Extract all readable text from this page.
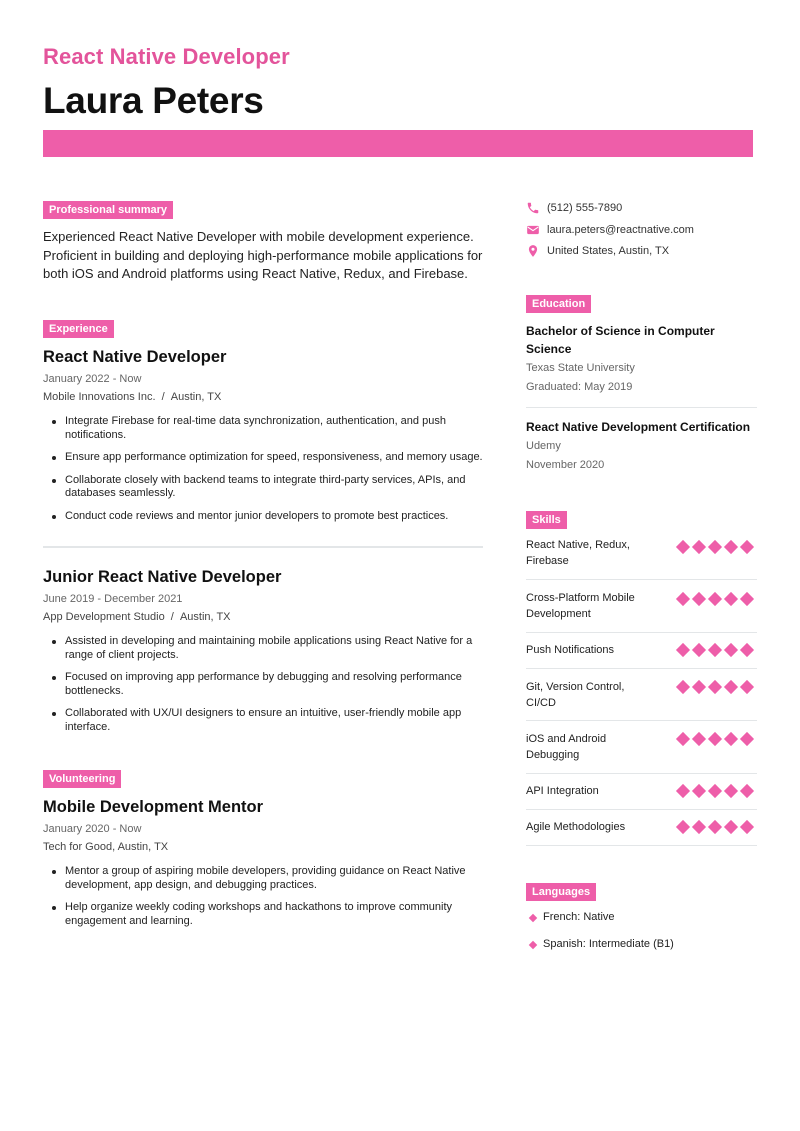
React Native Developer
Laura Peters
Professional summary
Experienced React Native Developer with mobile development experience.
Proficient in building and deploying high-performance mobile applications for
both iOS and Android platforms using React Native, Redux, and Firebase.
Experience
React Native Developer
January 2022 - Now
Mobile Innovations Inc.  /  Austin, TX
Integrate Firebase for real-time data synchronization, authentication, and push
notifications.
Ensure app performance optimization for speed, responsiveness, and memory usage.
Collaborate closely with backend teams to integrate third-party services, APIs, and
databases seamlessly.
Conduct code reviews and mentor junior developers to promote best practices.
Junior React Native Developer
June 2019 - December 2021
App Development Studio  /  Austin, TX
Assisted in developing and maintaining mobile applications using React Native for a
range of client projects.
Focused on improving app performance by debugging and resolving performance
bottlenecks.
Collaborated with UX/UI designers to ensure an intuitive, user-friendly mobile app
interface.
Volunteering
Mobile Development Mentor
January 2020 - Now
Tech for Good, Austin, TX
Mentor a group of aspiring mobile developers, providing guidance on React Native
development, app design, and debugging practices.
Help organize weekly coding workshops and hackathons to improve community
engagement and learning.
(512) 555-7890
laura.peters@reactnative.com
United States, Austin, TX
Education
Bachelor of Science in Computer
Science
Texas State University
Graduated: May 2019
React Native Development Certification
Udemy
November 2020
Skills
React Native, Redux,
Firebase
Cross-Platform Mobile
Development
Push Notifications
Git, Version Control,
CI/CD
iOS and Android
Debugging
API Integration
Agile Methodologies
Languages
French: Native
Spanish: Intermediate (B1)
